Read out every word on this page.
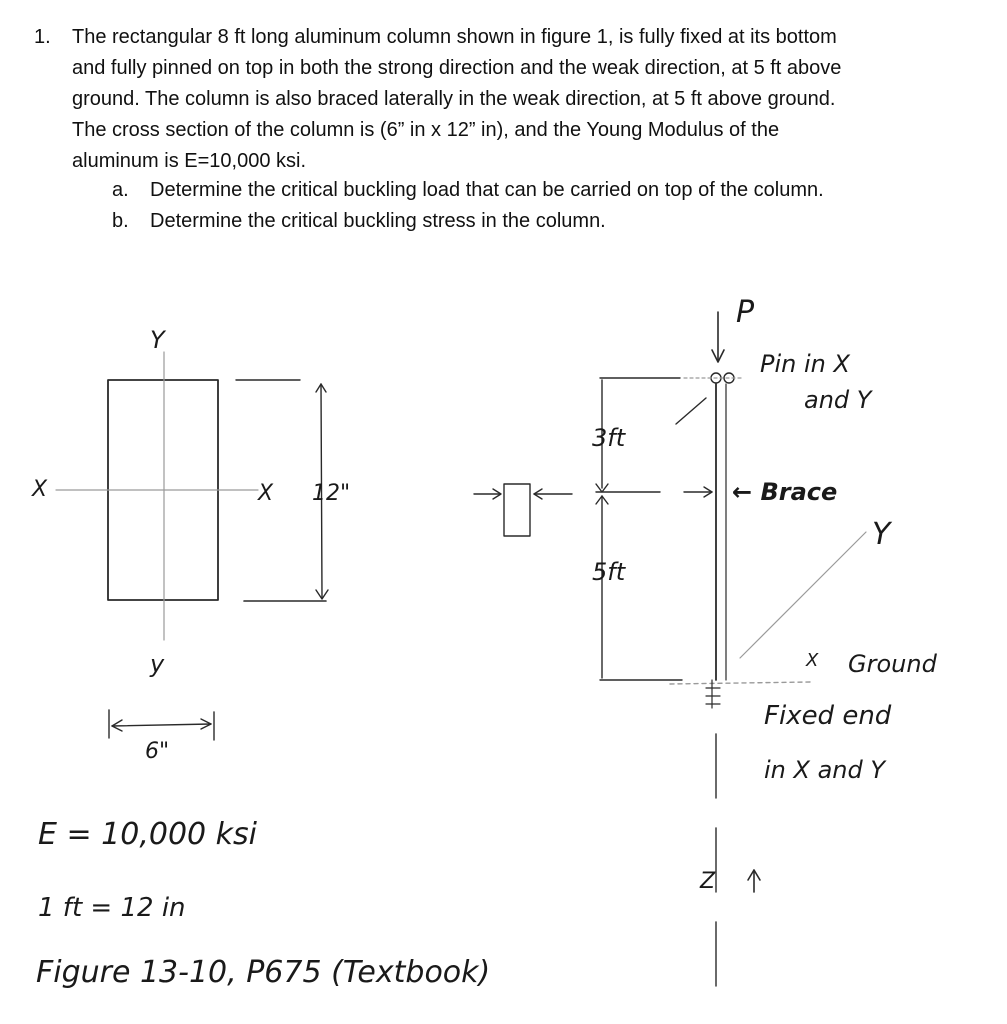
1. The rectangular 8 ft long aluminum column shown in figure 1, is fully fixed at its bottom
and fully pinned on top in both the strong direction and the weak direction, at 5 ft above
ground. The column is also braced laterally in the weak direction, at 5 ft above ground.
The cross section of the column is (6” in x 12” in), and the Young Modulus of the
aluminum is E=10,000 ksi.
a. Determine the critical buckling load that can be carried on top of the column.
b. Determine the critical buckling stress in the column.
Y
y
X	X 12"
6"
P
Pin in X
and Y
3ft
5ft
← Brace
Y
X Ground
Fixed end
in X and Y
Z
E = 10,000 ksi
1 ft = 12 in
Figure 13-10, P675 (Textbook)
